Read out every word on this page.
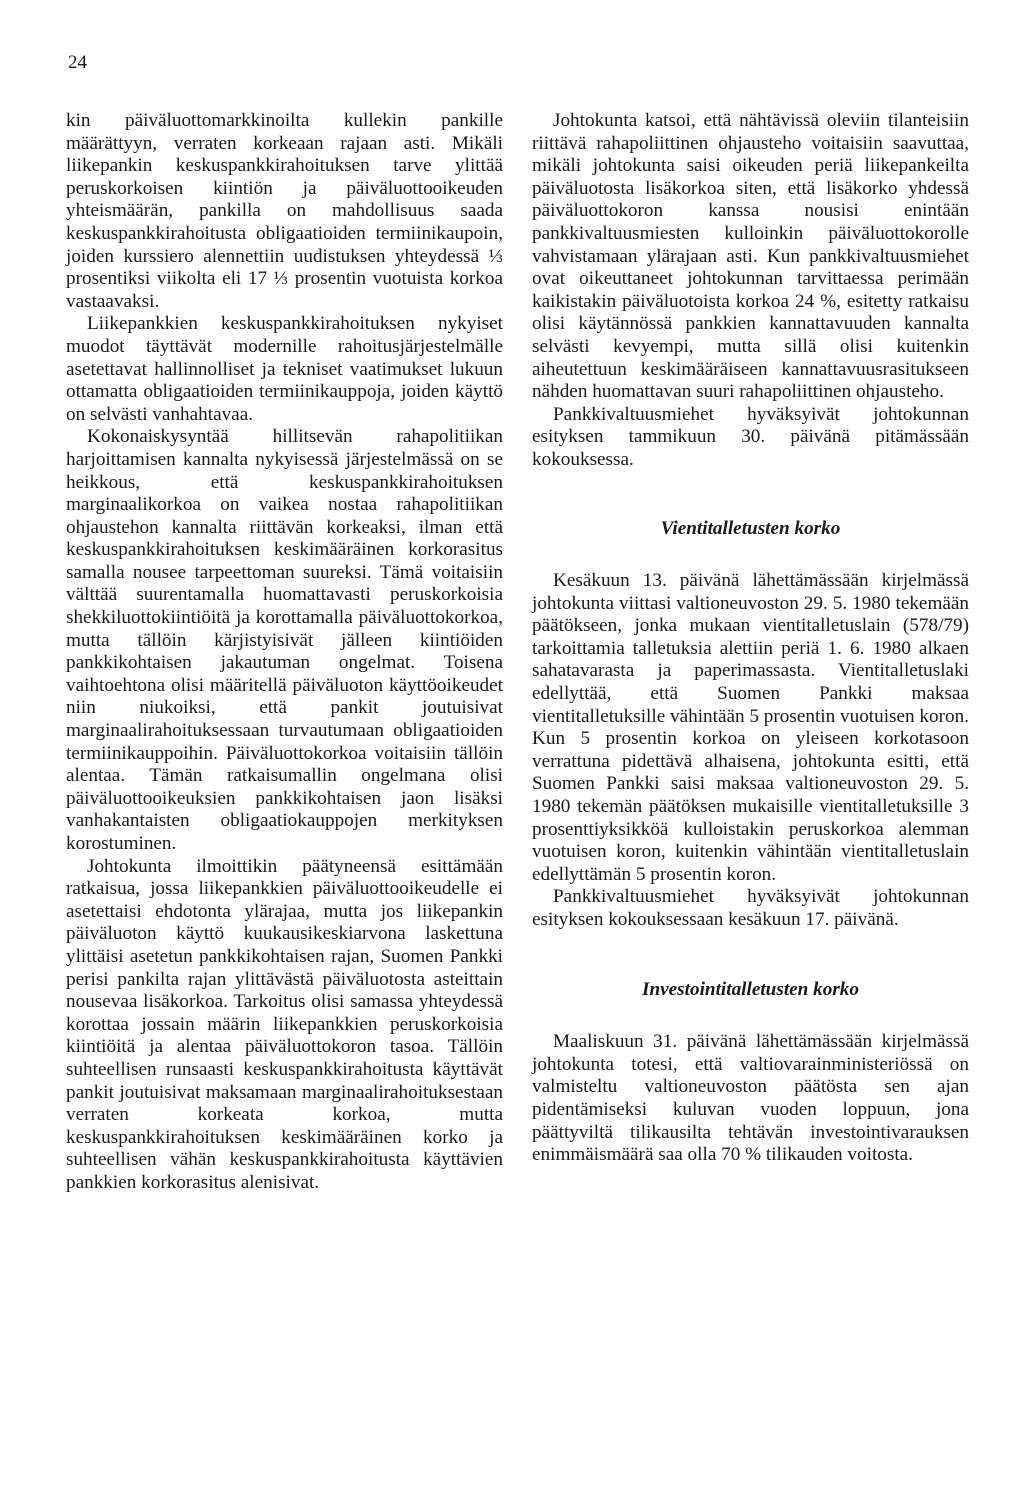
24

kin päiväluottomarkkinoilta kullekin pankille määrättyyn, verraten korkeaan rajaan asti. Mikäli liikepankin keskuspankkirahoituksen tarve ylittää peruskorkoisen kiintiön ja päiväluottooikeuden yhteismäärän, pankilla on mahdollisuus saada keskuspankkirahoitusta obligaatioiden termiinikaupoin, joiden kurssiero alennettiin uudistuksen yhteydessä ⅓ prosentiksi viikolta eli 17 ⅓ prosentin vuotuista korkoa vastaavaksi.

Liikepankkien keskuspankkirahoituksen nykyiset muodot täyttävät modernille rahoitusjärjestelmälle asetettavat hallinnolliset ja tekniset vaatimukset lukuun ottamatta obligaatioiden termiinikauppoja, joiden käyttö on selvästi vanhahtavaa.

Kokonaiskysyntää hillitsevän rahapolitiikan harjoittamisen kannalta nykyisessä järjestelmässä on se heikkous, että keskuspankkirahoituksen marginaalikorkoa on vaikea nostaa rahapolitiikan ohjaustehon kannalta riittävän korkeaksi, ilman että keskuspankkirahoituksen keskimääräinen korkorasitus samalla nousee tarpeettoman suureksi. Tämä voitaisiin välttää suurentamalla huomattavasti peruskorkoisia shekkiluottokiintiöitä ja korottamalla päiväluottokorkoa, mutta tällöin kärjistyisivät jälleen kiintiöiden pankkikohtaisen jakautuman ongelmat. Toisena vaihtoehtona olisi määritellä päiväluoton käyttöoikeudet niin niukoiksi, että pankit joutuisivat marginaalirahoituksessaan turvautumaan obligaatioiden termiinikauppoihin. Päiväluottokorkoa voitaisiin tällöin alentaa. Tämän ratkaisumallin ongelmana olisi päiväluottooikeuksien pankkikohtaisen jaon lisäksi vanhakantaisten obligaatiokauppojen merkityksen korostuminen.

Johtokunta ilmoittikin päätyneensä esittämään ratkaisua, jossa liikepankkien päiväluottooikeudelle ei asetettaisi ehdotonta ylärajaa, mutta jos liikepankin päiväluoton käyttö kuukausikeskiarvona laskettuna ylittäisi asetetun pankkikohtaisen rajan, Suomen Pankki perisi pankilta rajan ylittävästä päiväluotosta asteittain nousevaa lisäkorkoa. Tarkoitus olisi samassa yhteydessä korottaa jossain määrin liikepankkien peruskorkoisia kiintiöitä ja alentaa päiväluottokoron tasoa. Tällöin suhteellisen runsaasti keskuspankkirahoitusta käyttävät pankit joutuisivat maksamaan marginaalirahoituksestaan verraten korkeata korkoa, mutta keskuspankkirahoituksen keskimääräinen korko ja suhteellisen vähän keskuspankkirahoitusta käyttävien pankkien korkorasitus alenisivat.

Johtokunta katsoi, että nähtävissä oleviin tilanteisiin riittävä rahapoliittinen ohjausteho voitaisiin saavuttaa, mikäli johtokunta saisi oikeuden periä liikepankeilta päiväluotosta lisäkorkoa siten, että lisäkorko yhdessä päiväluottokoron kanssa nousisi enintään pankkivaltuusmiesten kulloinkin päiväluottokorolle vahvistamaan ylärajaan asti. Kun pankkivaltuusmiehet ovat oikeuttaneet johtokunnan tarvittaessa perimään kaikistakin päiväluotoista korkoa 24 %, esitetty ratkaisu olisi käytännössä pankkien kannattavuuden kannalta selvästi kevyempi, mutta sillä olisi kuitenkin aiheutettuun keskimääräiseen kannattavuusrasitukseen nähden huomattavan suuri rahapoliittinen ohjausteho.

Pankkivaltuusmiehet hyväksyivät johtokunnan esityksen tammikuun 30. päivänä pitämässään kokouksessa.

Vientitalletusten korko

Kesäkuun 13. päivänä lähettämässään kirjelmässä johtokunta viittasi valtioneuvoston 29. 5. 1980 tekemään päätökseen, jonka mukaan vientitalletuslain (578/79) tarkoittamia talletuksia alettiin periä 1. 6. 1980 alkaen sahatavarasta ja paperimassasta. Vientitalletuslaki edellyttää, että Suomen Pankki maksaa vientitalletuksille vähintään 5 prosentin vuotuisen koron. Kun 5 prosentin korkoa on yleiseen korkotasoon verrattuna pidettävä alhaisena, johtokunta esitti, että Suomen Pankki saisi maksaa valtioneuvoston 29. 5. 1980 tekemän päätöksen mukaisille vientitalletuksille 3 prosenttiyksikköä kulloistakin peruskorkoa alemman vuotuisen koron, kuitenkin vähintään vientitalletuslain edellyttämän 5 prosentin koron.

Pankkivaltuusmiehet hyväksyivät johtokunnan esityksen kokouksessaan kesäkuun 17. päivänä.

Investointitalletusten korko

Maaliskuun 31. päivänä lähettämässään kirjelmässä johtokunta totesi, että valtiovarainministeriössä on valmisteltu valtioneuvoston päätösta sen ajan pidentämiseksi kuluvan vuoden loppuun, jona päättyviltä tilikausilta tehtävän investointivarauksen enimmäismäärä saa olla 70 % tilikauden voitosta.
